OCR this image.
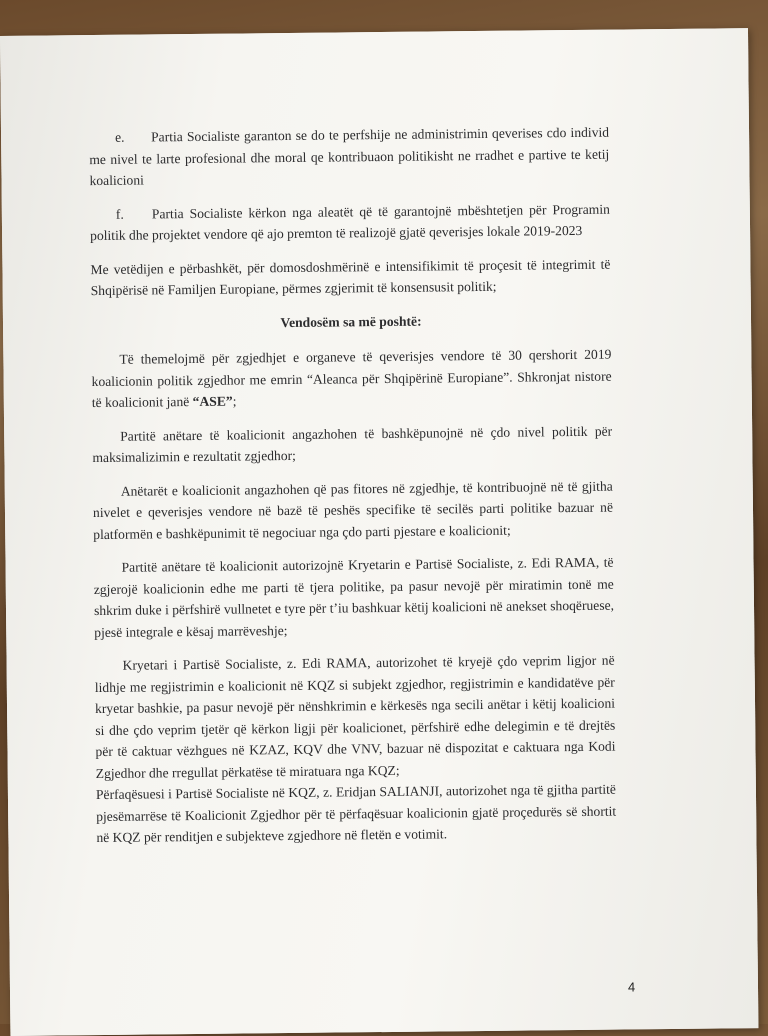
e. Partia Socialiste garanton se do te perfshije ne administrimin qeverises cdo individ me nivel te larte profesional dhe moral qe kontribuaon politikisht ne rradhet e partive te ketij koalicioni

f. Partia Socialiste kërkon nga aleatët që të garantojnë mbështetjen për Programin politik dhe projektet vendore që ajo premton të realizojë gjatë qeverisjes lokale 2019-2023

Me vetëdijen e përbashkët, për domosdoshmërinë e intensifikimit të proçesit të integrimit të Shqipërisë në Familjen Europiane, përmes zgjerimit të konsensusit politik;

Vendosëm sa më poshtë:

Të themelojmë për zgjedhjet e organeve të qeverisjes vendore të 30 qershorit 2019 koalicionin politik zgjedhor me emrin “Aleanca për Shqipërinë Europiane”. Shkronjat nistore të koalicionit janë “ASE”;

Partitë anëtare të koalicionit angazhohen të bashkëpunojnë në çdo nivel politik për maksimalizimin e rezultatit zgjedhor;

Anëtarët e koalicionit angazhohen që pas fitores në zgjedhje, të kontribuojnë në të gjitha nivelet e qeverisjes vendore në bazë të peshës specifike të secilës parti politike bazuar në platformën e bashkëpunimit të negociuar nga çdo parti pjestare e koalicionit;

Partitë anëtare të koalicionit autorizojnë Kryetarin e Partisë Socialiste, z. Edi RAMA, të zgjerojë koalicionin edhe me parti të tjera politike, pa pasur nevojë për miratimin tonë me shkrim duke i përfshirë vullnetet e tyre për t’iu bashkuar këtij koalicioni në anekset shoqëruese, pjesë integrale e kësaj marrëveshje;

Kryetari i Partisë Socialiste, z. Edi RAMA, autorizohet të kryejë çdo veprim ligjor në lidhje me regjistrimin e koalicionit në KQZ si subjekt zgjedhor, regjistrimin e kandidatëve për kryetar bashkie, pa pasur nevojë për nënshkrimin e kërkesës nga secili anëtar i këtij koalicioni si dhe çdo veprim tjetër që kërkon ligji për koalicionet, përfshirë edhe delegimin e të drejtës për të caktuar vëzhgues në KZAZ, KQV dhe VNV, bazuar në dispozitat e caktuara nga Kodi Zgjedhor dhe rregullat përkatëse të miratuara nga KQZ;

Përfaqësuesi i Partisë Socialiste në KQZ, z. Eridjan SALIANJI, autorizohet nga të gjitha partitë pjesëmarrëse të Koalicionit Zgjedhor për të përfaqësuar koalicionin gjatë proçedurës së shortit në KQZ për renditjen e subjekteve zgjedhore në fletën e votimit.

4
